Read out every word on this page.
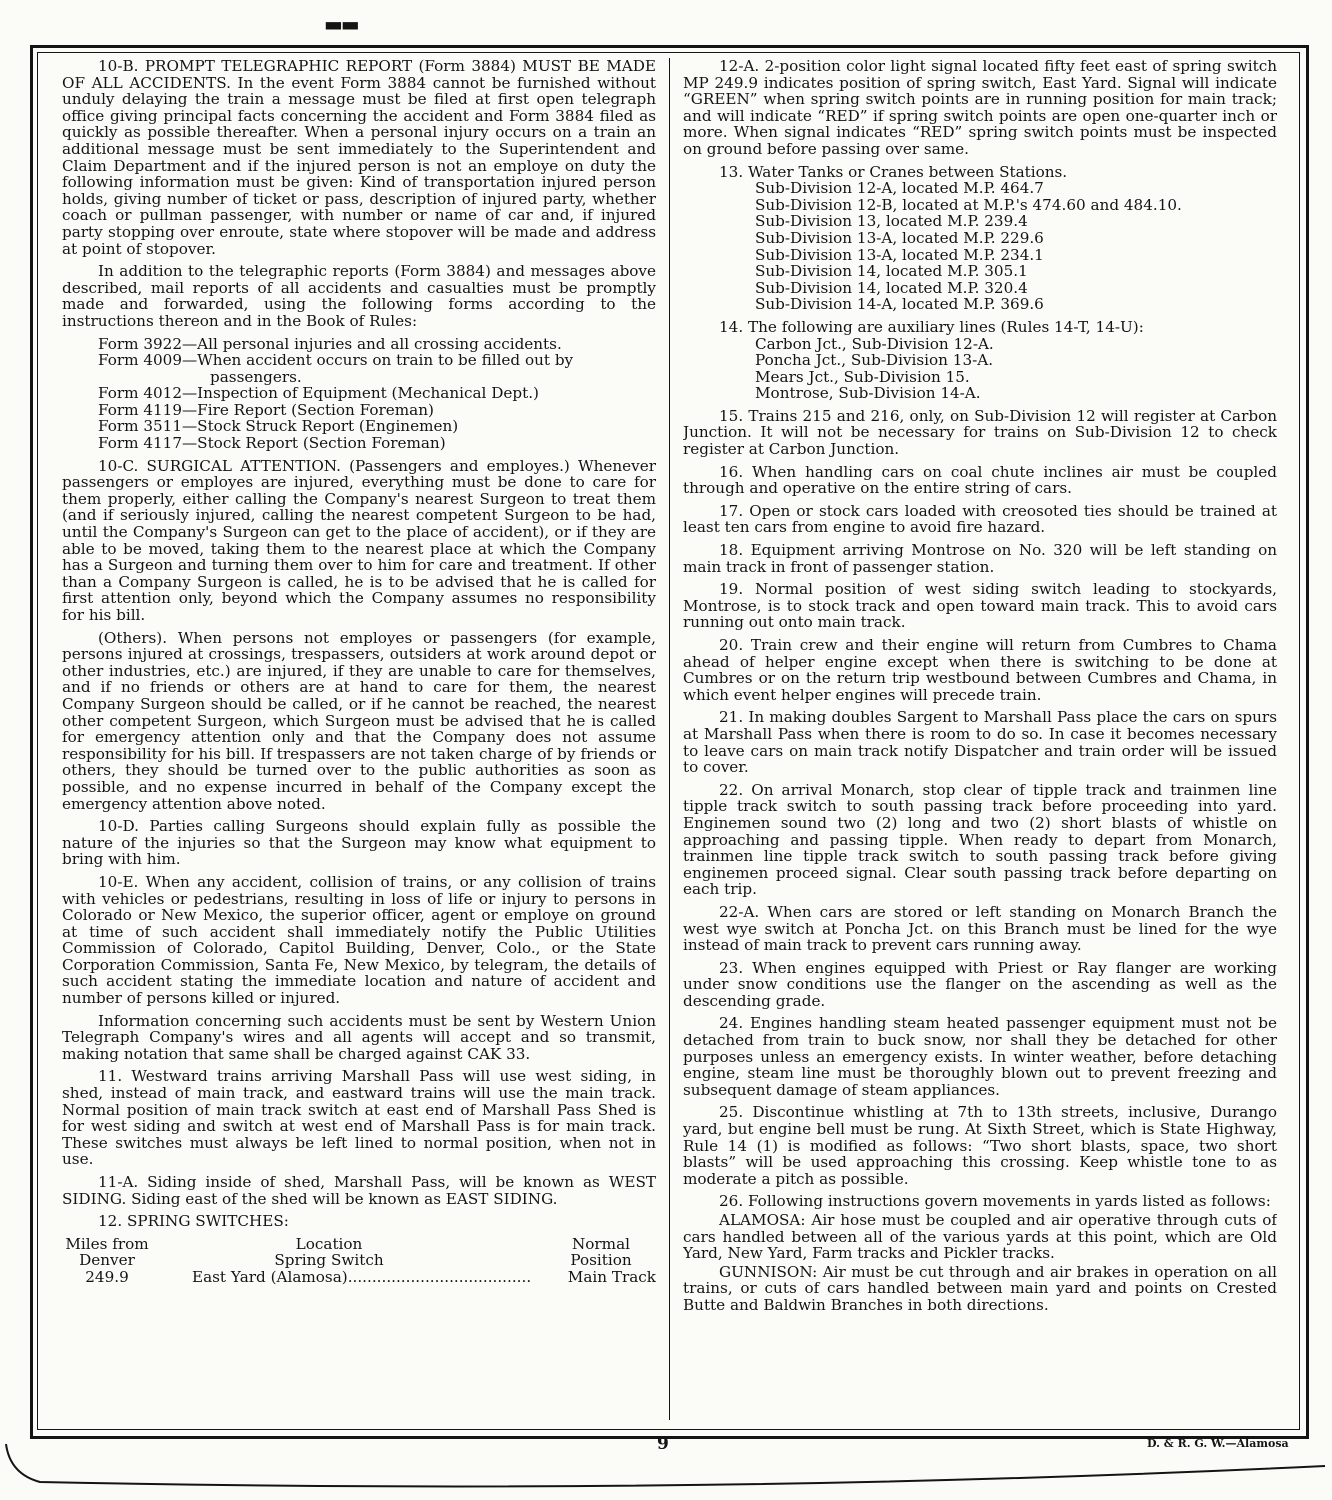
▬▬

10-B. PROMPT TELEGRAPHIC REPORT (Form 3884) MUST BE MADE OF ALL ACCIDENTS. In the event Form 3884 cannot be furnished without unduly delaying the train a message must be filed at first open telegraph office giving principal facts concerning the accident and Form 3884 filed as quickly as possible thereafter. When a personal injury occurs on a train an additional message must be sent immediately to the Superintendent and Claim Department and if the injured person is not an employe on duty the following information must be given: Kind of transportation injured person holds, giving number of ticket or pass, description of injured party, whether coach or pullman passenger, with number or name of car and, if injured party stopping over enroute, state where stopover will be made and address at point of stopover.

In addition to the telegraphic reports (Form 3884) and messages above described, mail reports of all accidents and casualties must be promptly made and forwarded, using the following forms according to the instructions thereon and in the Book of Rules:

Form 3922—All personal injuries and all crossing accidents.
Form 4009—When accident occurs on train to be filled out by passengers.
Form 4012—Inspection of Equipment (Mechanical Dept.)
Form 4119—Fire Report (Section Foreman)
Form 3511—Stock Struck Report (Enginemen)
Form 4117—Stock Report (Section Foreman)

10-C. SURGICAL ATTENTION. (Passengers and employes.) Whenever passengers or employes are injured, everything must be done to care for them properly, either calling the Company's nearest Surgeon to treat them (and if seriously injured, calling the nearest competent Surgeon to be had, until the Company's Surgeon can get to the place of accident), or if they are able to be moved, taking them to the nearest place at which the Company has a Surgeon and turning them over to him for care and treatment. If other than a Company Surgeon is called, he is to be advised that he is called for first attention only, beyond which the Company assumes no responsibility for his bill.

(Others). When persons not employes or passengers (for example, persons injured at crossings, trespassers, outsiders at work around depot or other industries, etc.) are injured, if they are unable to care for themselves, and if no friends or others are at hand to care for them, the nearest Company Surgeon should be called, or if he cannot be reached, the nearest other competent Surgeon, which Surgeon must be advised that he is called for emergency attention only and that the Company does not assume responsibility for his bill. If trespassers are not taken charge of by friends or others, they should be turned over to the public authorities as soon as possible, and no expense incurred in behalf of the Company except the emergency attention above noted.

10-D. Parties calling Surgeons should explain fully as possible the nature of the injuries so that the Surgeon may know what equipment to bring with him.

10-E. When any accident, collision of trains, or any collision of trains with vehicles or pedestrians, resulting in loss of life or injury to persons in Colorado or New Mexico, the superior officer, agent or employe on ground at time of such accident shall immediately notify the Public Utilities Commission of Colorado, Capitol Building, Denver, Colo., or the State Corporation Commission, Santa Fe, New Mexico, by telegram, the details of such accident stating the immediate location and nature of accident and number of persons killed or injured.

Information concerning such accidents must be sent by Western Union Telegraph Company's wires and all agents will accept and so transmit, making notation that same shall be charged against CAK 33.

11. Westward trains arriving Marshall Pass will use west siding, in shed, instead of main track, and eastward trains will use the main track. Normal position of main track switch at east end of Marshall Pass Shed is for west siding and switch at west end of Marshall Pass is for main track. These switches must always be left lined to normal position, when not in use.

11-A. Siding inside of shed, Marshall Pass, will be known as WEST SIDING. Siding east of the shed will be known as EAST SIDING.

12. SPRING SWITCHES:

Miles from	Location	Normal
Denver	Spring Switch	Position
249.9	East Yard (Alamosa)......................................	Main Track

12-A. 2-position color light signal located fifty feet east of spring switch MP 249.9 indicates position of spring switch, East Yard. Signal will indicate “GREEN” when spring switch points are in running position for main track; and will indicate “RED” if spring switch points are open one-quarter inch or more. When signal indicates “RED” spring switch points must be inspected on ground before passing over same.

13. Water Tanks or Cranes between Stations.

Sub-Division 12-A, located M.P. 464.7
Sub-Division 12-B, located at M.P.'s 474.60 and 484.10.
Sub-Division 13, located M.P. 239.4
Sub-Division 13-A, located M.P. 229.6
Sub-Division 13-A, located M.P. 234.1
Sub-Division 14, located M.P. 305.1
Sub-Division 14, located M.P. 320.4
Sub-Division 14-A, located M.P. 369.6

14. The following are auxiliary lines (Rules 14-T, 14-U):

Carbon Jct., Sub-Division 12-A.
Poncha Jct., Sub-Division 13-A.
Mears Jct., Sub-Division 15.
Montrose, Sub-Division 14-A.

15. Trains 215 and 216, only, on Sub-Division 12 will register at Carbon Junction. It will not be necessary for trains on Sub-Division 12 to check register at Carbon Junction.

16. When handling cars on coal chute inclines air must be coupled through and operative on the entire string of cars.

17. Open or stock cars loaded with creosoted ties should be trained at least ten cars from engine to avoid fire hazard.

18. Equipment arriving Montrose on No. 320 will be left standing on main track in front of passenger station.

19. Normal position of west siding switch leading to stockyards, Montrose, is to stock track and open toward main track. This to avoid cars running out onto main track.

20. Train crew and their engine will return from Cumbres to Chama ahead of helper engine except when there is switching to be done at Cumbres or on the return trip westbound between Cumbres and Chama, in which event helper engines will precede train.

21. In making doubles Sargent to Marshall Pass place the cars on spurs at Marshall Pass when there is room to do so. In case it becomes necessary to leave cars on main track notify Dispatcher and train order will be issued to cover.

22. On arrival Monarch, stop clear of tipple track and trainmen line tipple track switch to south passing track before proceeding into yard. Enginemen sound two (2) long and two (2) short blasts of whistle on approaching and passing tipple. When ready to depart from Monarch, trainmen line tipple track switch to south passing track before giving enginemen proceed signal. Clear south passing track before departing on each trip.

22-A. When cars are stored or left standing on Monarch Branch the west wye switch at Poncha Jct. on this Branch must be lined for the wye instead of main track to prevent cars running away.

23. When engines equipped with Priest or Ray flanger are working under snow conditions use the flanger on the ascending as well as the descending grade.

24. Engines handling steam heated passenger equipment must not be detached from train to buck snow, nor shall they be detached for other purposes unless an emergency exists. In winter weather, before detaching engine, steam line must be thoroughly blown out to prevent freezing and subsequent damage of steam appliances.

25. Discontinue whistling at 7th to 13th streets, inclusive, Durango yard, but engine bell must be rung. At Sixth Street, which is State Highway, Rule 14 (1) is modified as follows: “Two short blasts, space, two short blasts” will be used approaching this crossing. Keep whistle tone to as moderate a pitch as possible.

26. Following instructions govern movements in yards listed as follows:

ALAMOSA: Air hose must be coupled and air operative through cuts of cars handled between all of the various yards at this point, which are Old Yard, New Yard, Farm tracks and Pickler tracks.

GUNNISON: Air must be cut through and air brakes in operation on all trains, or cuts of cars handled between main yard and points on Crested Butte and Baldwin Branches in both directions.

9	D. & R. G. W.—Alamosa
